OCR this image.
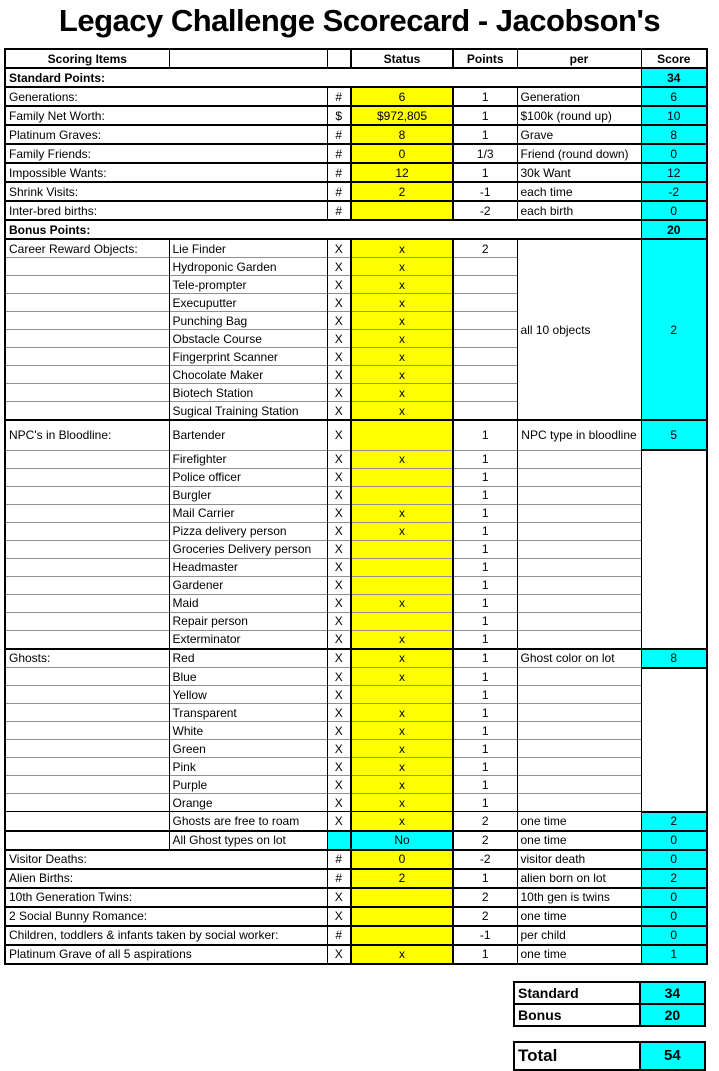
Legacy Challenge Scorecard - Jacobson's
Scoring Items			Status	Points	per	Score
Standard Points:						34
Generations:		#	6	1	Generation	6
Family Net Worth:		$	$972,805	1	$100k (round up)	10
Platinum Graves:		#	8	1	Grave	8
Family Friends:		#	0	1/3	Friend (round down)	0
Impossible Wants:		#	12	1	30k Want	12
Shrink Visits:		#	2	-1	each time	-2
Inter-bred births:		#		-2	each birth	0
Bonus Points:						20
Career Reward Objects:	Lie Finder	X	x	2	all 10 objects	2
	Hydroponic Garden	X	x			
	Tele-prompter	X	x			
	Execuputter	X	x			
	Punching Bag	X	x			
	Obstacle Course	X	x			
	Fingerprint Scanner	X	x			
	Chocolate Maker	X	x			
	Biotech Station	X	x			
	Sugical Training Station	X	x			
NPC's in Bloodline:	Bartender	X		1	NPC type in bloodline	5
	Firefighter	X	x	1		
	Police officer	X		1		
	Burgler	X		1		
	Mail Carrier	X	x	1		
	Pizza delivery person	X	x	1		
	Groceries Delivery person	X		1		
	Headmaster	X		1		
	Gardener	X		1		
	Maid	X	x	1		
	Repair person	X		1		
	Exterminator	X	x	1		
Ghosts:	Red	X	x	1	Ghost color on lot	8
	Blue	X	x	1		
	Yellow	X		1		
	Transparent	X	x	1		
	White	X	x	1		
	Green	X	x	1		
	Pink	X	x	1		
	Purple	X	x	1		
	Orange	X	x	1		
	Ghosts are free to roam	X	x	2	one time	2
	All Ghost types on lot		No	2	one time	0
Visitor Deaths:		#	0	-2	visitor death	0
Alien Births:		#	2	1	alien born on lot	2
10th Generation Twins:		X		2	10th gen is twins	0
2 Social Bunny Romance:		X		2	one time	0
Children, toddlers & infants taken by social worker:		#		-1	per child	0
Platinum Grave of all 5 aspirations		X	x	1	one time	1
Standard	34
Bonus	20
Total	54
